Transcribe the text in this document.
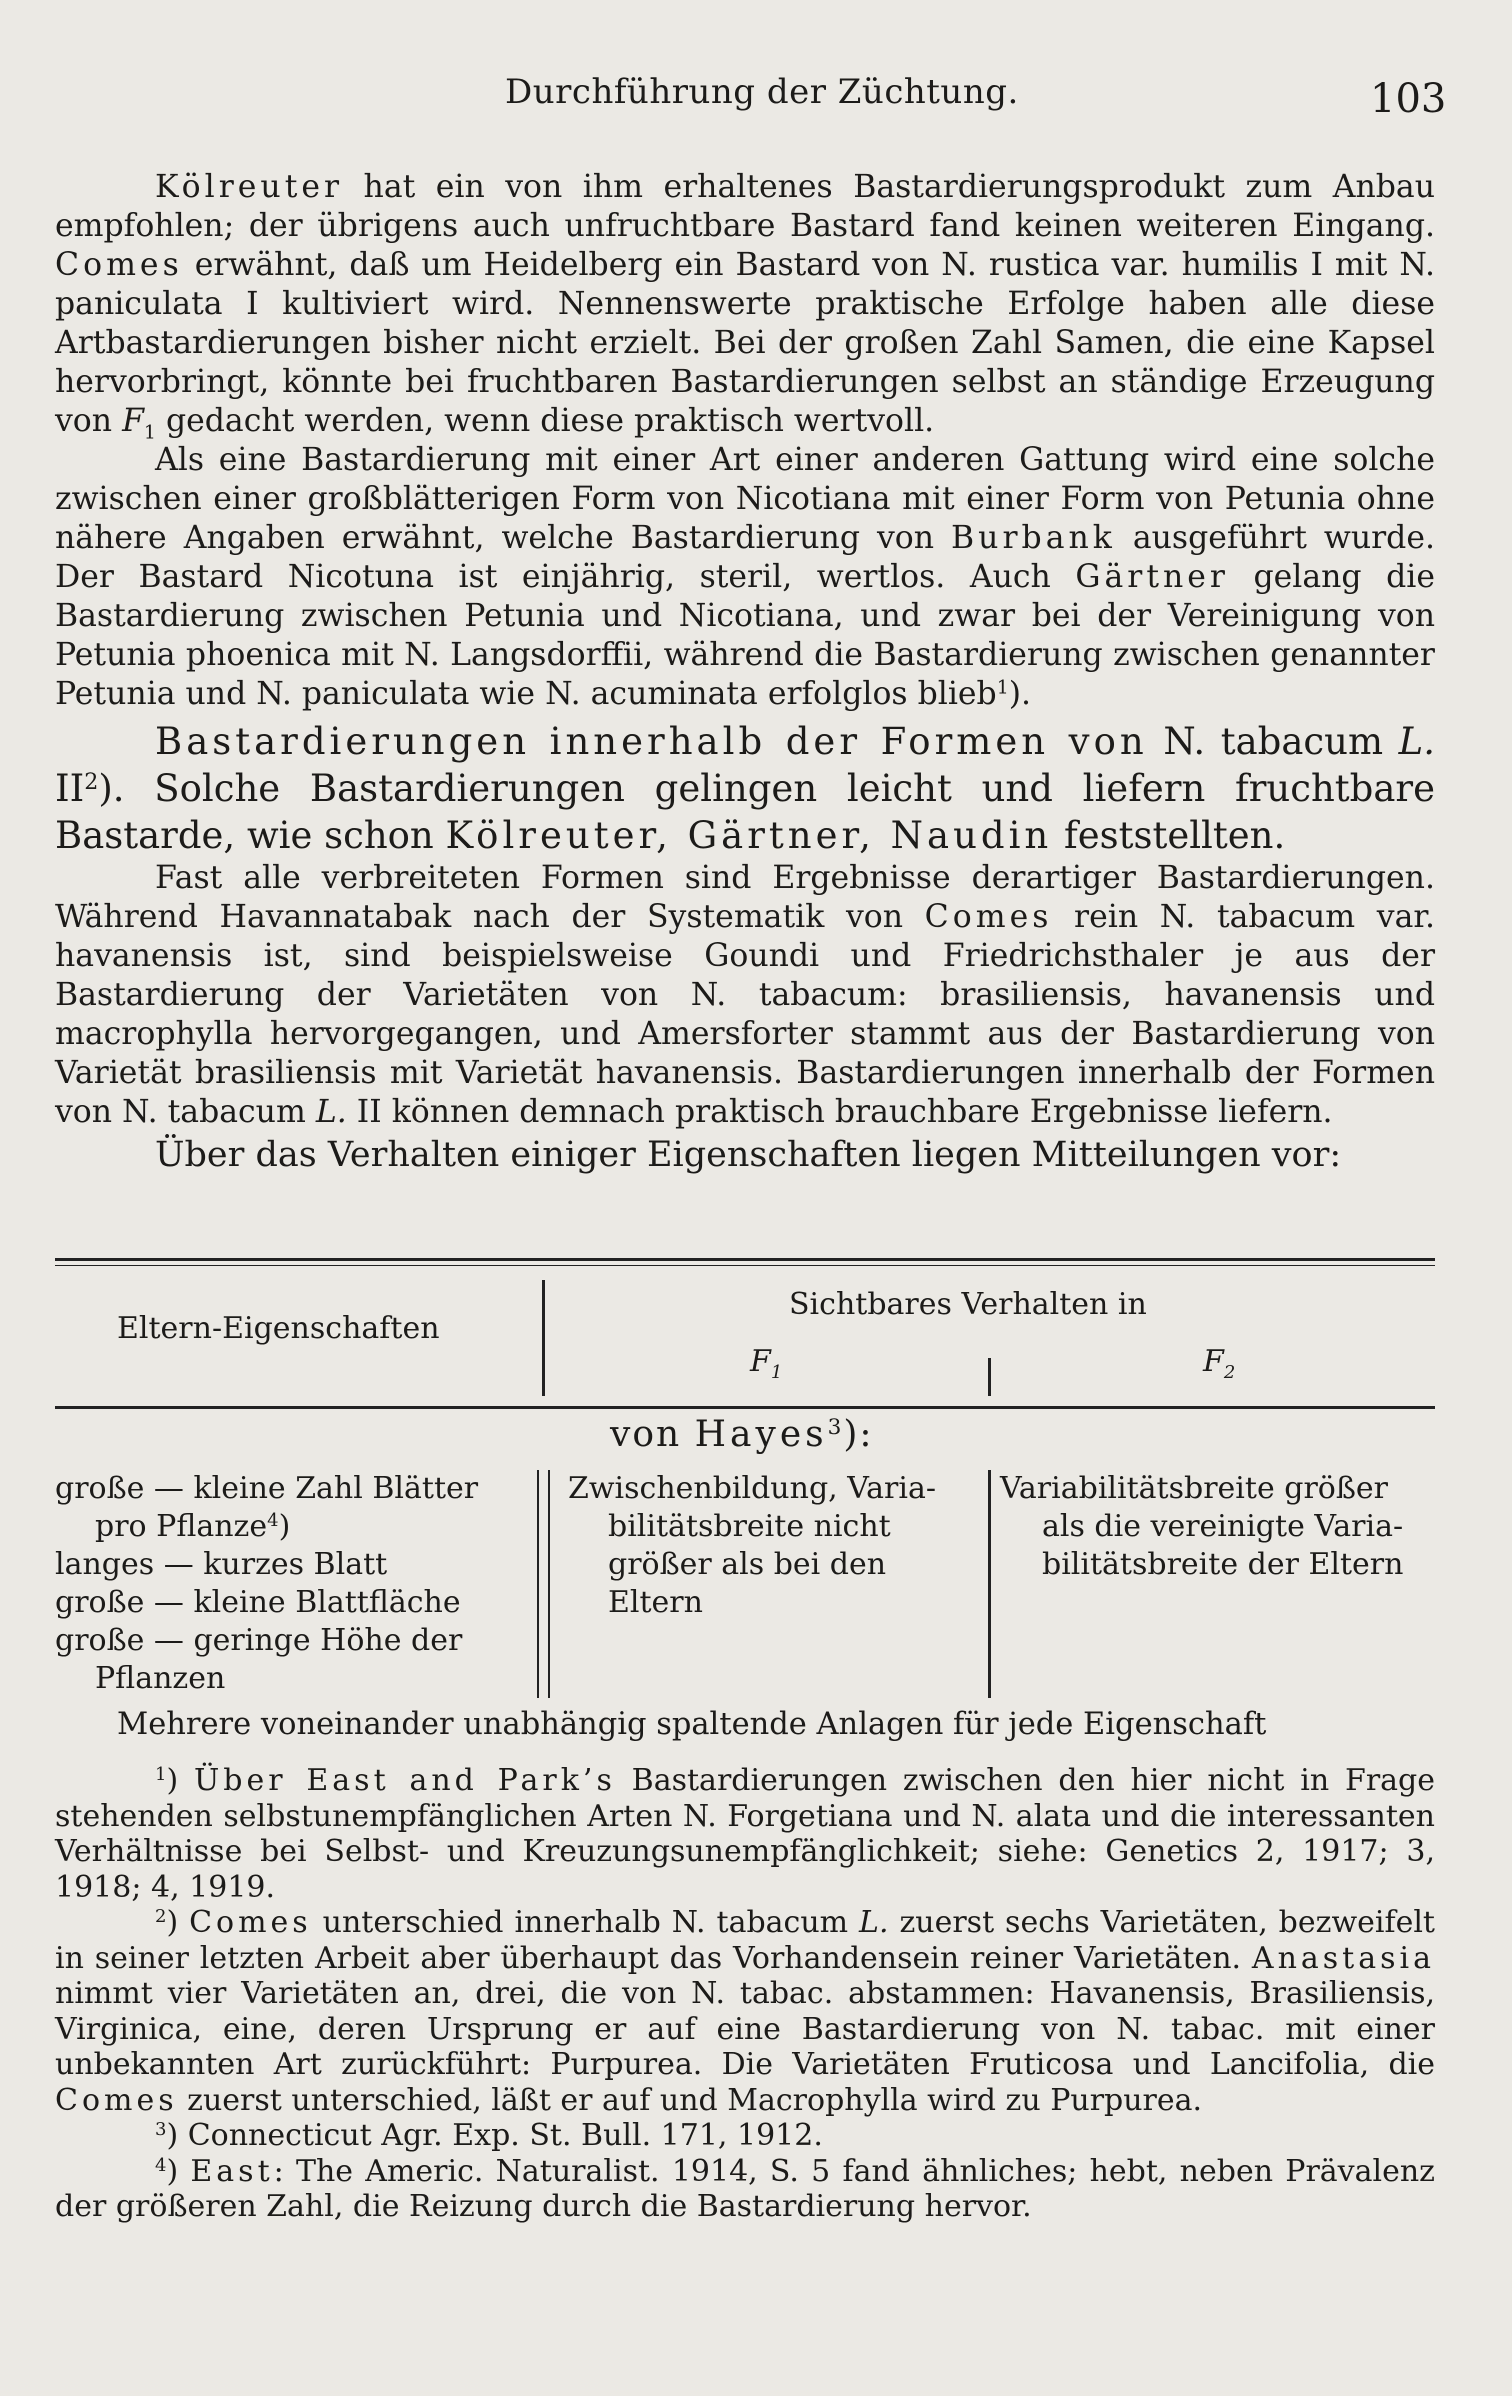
Durchführung der Züchtung.	103

Kölreuter hat ein von ihm erhaltenes Bastardierungsprodukt zum Anbau empfohlen; der übrigens auch unfruchtbare Bastard fand keinen weiteren Eingang. Comes erwähnt, daß um Heidelberg ein Bastard von N. rustica var. humilis I mit N. paniculata I kultiviert wird. Nennenswerte praktische Erfolge haben alle diese Artbastardierungen bisher nicht erzielt. Bei der großen Zahl Samen, die eine Kapsel hervorbringt, könnte bei fruchtbaren Bastardierungen selbst an ständige Erzeugung von $F_1$ gedacht werden, wenn diese praktisch wertvoll.

Als eine Bastardierung mit einer Art einer anderen Gattung wird eine solche zwischen einer großblätterigen Form von Nicotiana mit einer Form von Petunia ohne nähere Angaben erwähnt, welche Bastardierung von Burbank ausgeführt wurde. Der Bastard Nicotuna ist einjährig, steril, wertlos. Auch Gärtner gelang die Bastardierung zwischen Petunia und Nicotiana, und zwar bei der Vereinigung von Petunia phoenica mit N. Langsdorffii, während die Bastardierung zwischen genannter Petunia und N. paniculata wie N. acuminata erfolglos blieb$^1$).

Bastardierungen innerhalb der Formen von N. tabacum L. $II^2$). Solche Bastardierungen gelingen leicht und liefern fruchtbare Bastarde, wie schon Kölreuter, Gärtner, Naudin feststellten.

Fast alle verbreiteten Formen sind Ergebnisse derartiger Bastardierungen. Während Havannatabak nach der Systematik von Comes rein N. tabacum var. havanensis ist, sind beispielsweise Goundi und Friedrichsthaler je aus der Bastardierung der Varietäten von N. tabacum: brasiliensis, havanensis und macrophylla hervorgegangen, und Amersforter stammt aus der Bastardierung von Varietät brasiliensis mit Varietät havanensis. Bastardierungen innerhalb der Formen von N. tabacum L. II können demnach praktisch brauchbare Ergebnisse liefern.

Über das Verhalten einiger Eigenschaften liegen Mitteilungen vor:

Eltern-Eigenschaften
Sichtbares Verhalten in
$F_1$	$F_2$
von Hayes$^3$):
große — kleine Zahl Blätter
pro Pflanze$^4$)
langes — kurzes Blatt
große — kleine Blattfläche
große — geringe Höhe der
Pflanzen
Zwischenbildung, Varia-
bilitätsbreite nicht
größer als bei den
Eltern
Variabilitätsbreite größer
als die vereinigte Varia-
bilitätsbreite der Eltern
Mehrere voneinander unabhängig spaltende Anlagen für jede Eigenschaft

$^1$) Über East and Park’s Bastardierungen zwischen den hier nicht in Frage stehenden selbstunempfänglichen Arten N. Forgetiana und N. alata und die interessanten Verhältnisse bei Selbst- und Kreuzungsunempfänglichkeit; siehe: Genetics 2, 1917; 3, 1918; 4, 1919.

$^2$) Comes unterschied innerhalb N. tabacum L. zuerst sechs Varietäten, bezweifelt in seiner letzten Arbeit aber überhaupt das Vorhandensein reiner Varietäten. Anastasia nimmt vier Varietäten an, drei, die von N. tabac. abstammen: Havanensis, Brasiliensis, Virginica, eine, deren Ursprung er auf eine Bastardierung von N. tabac. mit einer unbekannten Art zurückführt: Purpurea. Die Varietäten Fruticosa und Lancifolia, die Comes zuerst unterschied, läßt er auf und Macrophylla wird zu Purpurea.

$^3$) Connecticut Agr. Exp. St. Bull. 171, 1912.

$^4$) East: The Americ. Naturalist. 1914, S. 5 fand ähnliches; hebt, neben Prävalenz der größeren Zahl, die Reizung durch die Bastardierung hervor.
